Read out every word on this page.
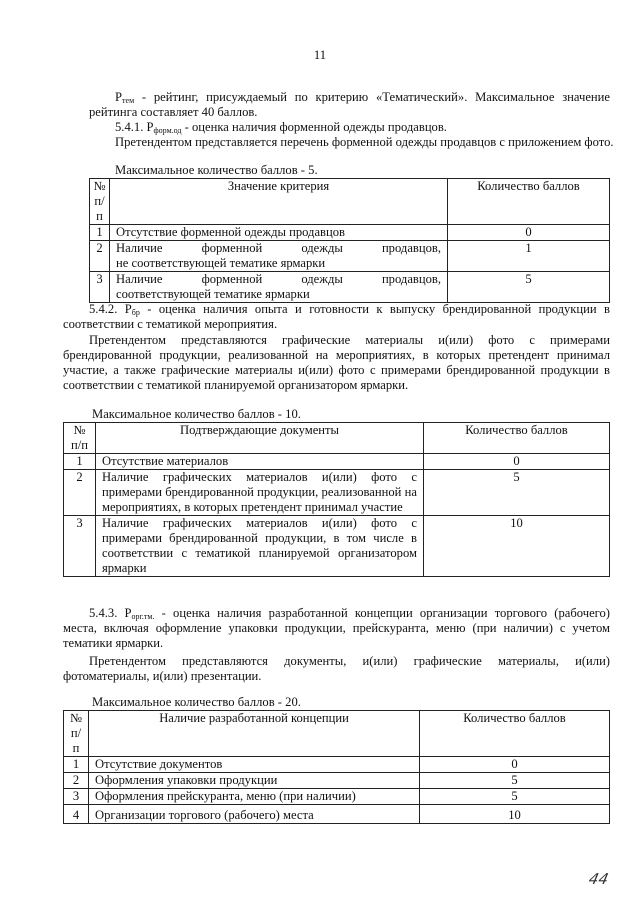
11
$Р_{тем}$ - рейтинг, присуждаемый по критерию «Тематический». Максимальное значение рейтинга составляет 40 баллов.
5.4.1. $Р_{форм.од}$ - оценка наличия форменной одежды продавцов.
Претендентом представляется перечень форменной одежды продавцов с приложением фото.
Максимальное количество баллов - 5.
№ п/п	Значение критерия	Количество баллов
1	Отсутствие форменной одежды продавцов	0
2	Наличие форменной одежды продавцов,
не соответствующей тематике ярмарки	1
3	Наличие форменной одежды продавцов,
соответствующей тематике ярмарки	5
5.4.2. $Р_{бр}$ - оценка наличия опыта и готовности к выпуску брендированной продукции в соответствии с тематикой мероприятия.
Претендентом представляются графические материалы и(или) фото с примерами брендированной продукции, реализованной на мероприятиях, в которых претендент принимал участие, а также графические материалы и(или) фото с примерами брендированной продукции в соответствии с тематикой планируемой организатором ярмарки.
Максимальное количество баллов - 10.
№ п/п	Подтверждающие документы	Количество баллов
1	Отсутствие материалов	0
2	Наличие графических материалов и(или) фото с примерами брендированной продукции, реализованной на мероприятиях, в которых претендент принимал участие	5
3	Наличие графических материалов и(или) фото с примерами брендированной продукции, в том числе в соответствии с тематикой планируемой организатором ярмарки	10
5.4.3. $Р_{орг.тм.}$ - оценка наличия разработанной концепции организации торгового (рабочего) места, включая оформление упаковки продукции, прейскуранта, меню (при наличии) с учетом тематики ярмарки.
Претендентом представляются документы, и(или) графические материалы, и(или) фотоматериалы, и(или) презентации.
Максимальное количество баллов - 20.
№ п/п	Наличие разработанной концепции	Количество баллов
1	Отсутствие документов	0
2	Оформления упаковки продукции	5
3	Оформления прейскуранта, меню (при наличии)	5
4	Организации торгового (рабочего) места	10
44
